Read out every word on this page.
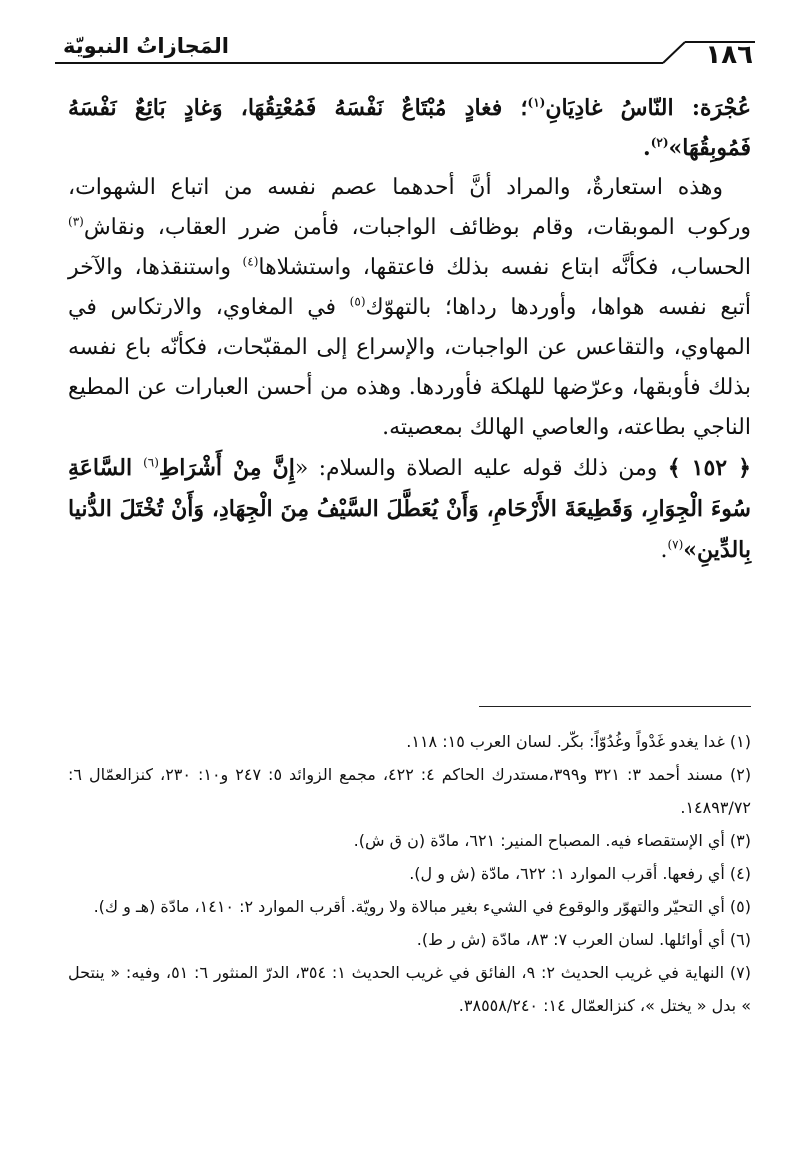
١٨٦
المَجازاتُ النبويّة

عُجْرَة: النّاسُ غادِيَانِ$^{(١)}$؛ فغادٍ مُبْتَاعٌ نَفْسَهُ فَمُعْتِقُهَا، وَغادٍ بَائِعٌ نَفْسَهُ فَمُوبِقُهَا»$^{(٢)}$.

وهذه استعارةٌ، والمراد أنَّ أحدهما عصم نفسه من اتباع الشهوات، وركوب الموبقات، وقام بوظائف الواجبات، فأمن ضرر العقاب، ونقاش$^{(٣)}$ الحساب، فكأنَّه ابتاع نفسه بذلك فاعتقها، واستشلاها$^{(٤)}$ واستنقذها، والآخر أتبع نفسه هواها، وأوردها رداها؛ بالتهوّك$^{(٥)}$ في المغاوي، والارتكاس في المهاوي، والتقاعس عن الواجبات، والإسراع إلى المقبّحات، فكأنّه باع نفسه بذلك فأوبقها، وعرّضها للهلكة فأوردها. وهذه من أحسن العبارات عن المطيع الناجي بطاعته، والعاصي الهالك بمعصيته.

﴿ ١٥٢ ﴾ ومن ذلك قوله عليه الصلاة والسلام: «إِنَّ مِنْ أَشْرَاطِ$^{(٦)}$ السَّاعَةِ سُوءَ الْجِوَارِ، وَقَطِيعَةَ الأَرْحَامِ، وَأَنْ يُعَطَّلَ السَّيْفُ مِنَ الْجِهَادِ، وَأَنْ تُخْتَلَ الدُّنيا بِالدِّينِ»$^{(٧)}$.

(١) غدا يغدو غَدْواً وغُدُوّاً: بكّر. لسان العرب ١٥: ١١٨.

(٢) مسند أحمد ٣: ٣٢١ و٣٩٩،مستدرك الحاكم ٤: ٤٢٢، مجمع الزوائد ٥: ٢٤٧ و١٠: ٢٣٠، كنزالعمّال ٦: ١٤٨٩٣/٧٢.

(٣) أي الإستقصاء فيه. المصباح المنير: ٦٢١، مادّة (ن ق ش).

(٤) أي رفعها. أقرب الموارد ١: ٦٢٢، مادّة (ش و ل).

(٥) أي التحيّر والتهوّر والوقوع في الشيء بغير مبالاة ولا رويّة. أقرب الموارد ٢: ١٤١٠، مادّة (هـ و ك).

(٦) أي أوائلها. لسان العرب ٧: ٨٣، مادّة (ش ر ط).

(٧) النهاية في غريب الحديث ٢: ٩، الفائق في غريب الحديث ١: ٣٥٤، الدرّ المنثور ٦: ٥١، وفيه: « ينتحل » بدل « يختل »، كنزالعمّال ١٤: ٣٨٥٥٨/٢٤٠.
